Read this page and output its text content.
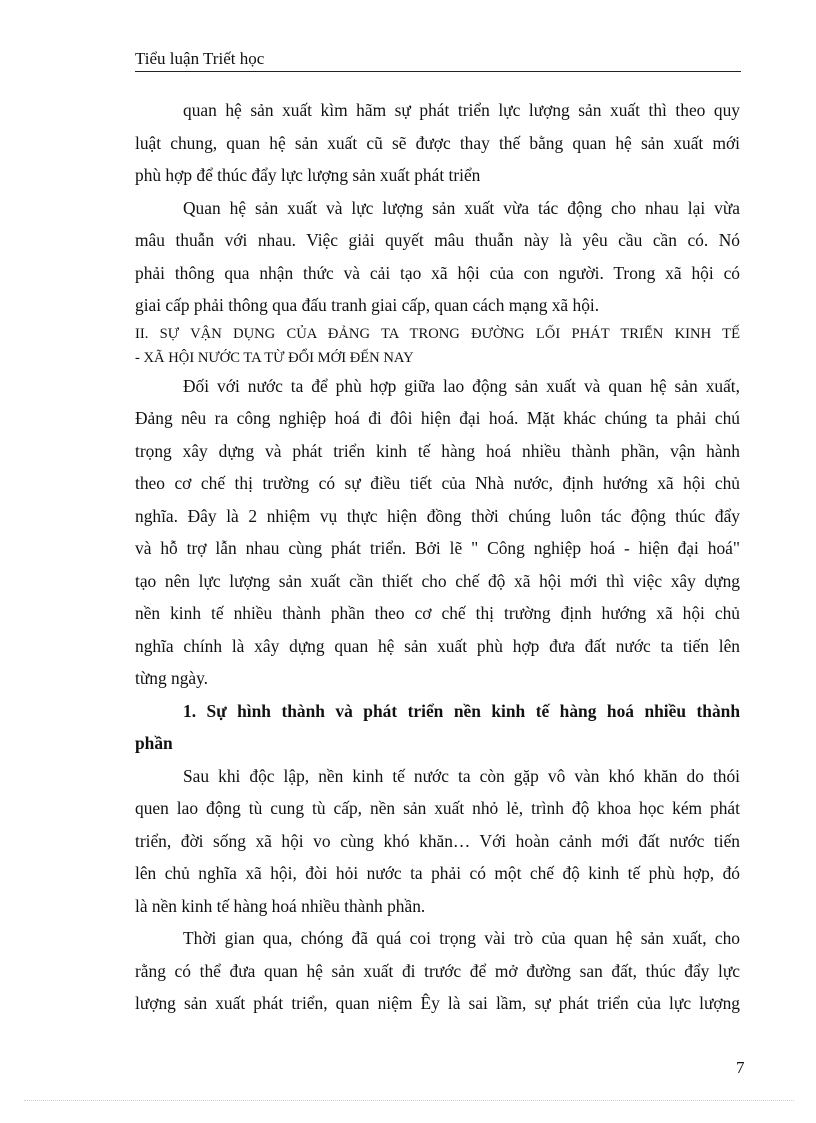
Tiểu luận Triết học

quan hệ sản xuất kìm hãm sự phát triển lực lượng sản xuất thì theo quy
luật chung, quan hệ sản xuất cũ sẽ được thay thế bằng quan hệ sản xuất mới
phù hợp để thúc đẩy lực lượng sản xuất phát triển

Quan hệ sản xuất và lực lượng sản xuất vừa tác động cho nhau lại vừa
mâu thuẫn với nhau. Việc giải quyết mâu thuẫn này là yêu cầu cần có. Nó
phải thông qua nhận thức và cải tạo xã hội của con người. Trong xã hội có
giai cấp phải thông qua đấu tranh giai cấp, quan cách mạng xã hội.

II. SỰ VẬN DỤNG CỦA ĐẢNG TA TRONG ĐƯỜNG LỐI PHÁT TRIỂN KINH TẾ
- XÃ HỘI NƯỚC TA TỪ ĐỔI MỚI ĐẾN NAY

Đối với nước ta để phù hợp giữa lao động sản xuất và quan hệ sản xuất,
Đảng nêu ra công nghiệp hoá đi đôi hiện đại hoá. Mặt khác chúng ta phải chú
trọng xây dựng và phát triển kinh tế hàng hoá nhiều thành phần, vận hành
theo cơ chế thị trường có sự điều tiết của Nhà nước, định hướng xã hội chủ
nghĩa. Đây là 2 nhiệm vụ thực hiện đồng thời chúng luôn tác động thúc đẩy
và hỗ trợ lẫn nhau cùng phát triển. Bởi lẽ " Công nghiệp hoá - hiện đại hoá"
tạo nên lực lượng sản xuất cần thiết cho chế độ xã hội mới thì việc xây dựng
nền kinh tế nhiều thành phần theo cơ chế thị trường định hướng xã hội chủ
nghĩa chính là xây dựng quan hệ sản xuất phù hợp đưa đất nước ta tiến lên
từng ngày.

1. Sự hình thành và phát triển nền kinh tế hàng hoá nhiều thành
phần

Sau khi độc lập, nền kinh tế nước ta còn gặp vô vàn khó khăn do thói
quen lao động tù cung tù cấp, nền sản xuất nhỏ lẻ, trình độ khoa học kém phát
triển, đời sống xã hội vo cùng khó khăn… Với hoàn cảnh mới đất nước tiến
lên chủ nghĩa xã hội, đòi hỏi nước ta phải có một chế độ kinh tế phù hợp, đó
là nền kinh tế hàng hoá nhiều thành phần.

Thời gian qua, chóng đã quá coi trọng vài trò của quan hệ sản xuất, cho
rằng có thể đưa quan hệ sản xuất đi trước để mở đường san đất, thúc đẩy lực
lượng sản xuất phát triển, quan niệm Êy là sai lầm, sự phát triển của lực lượng

7
